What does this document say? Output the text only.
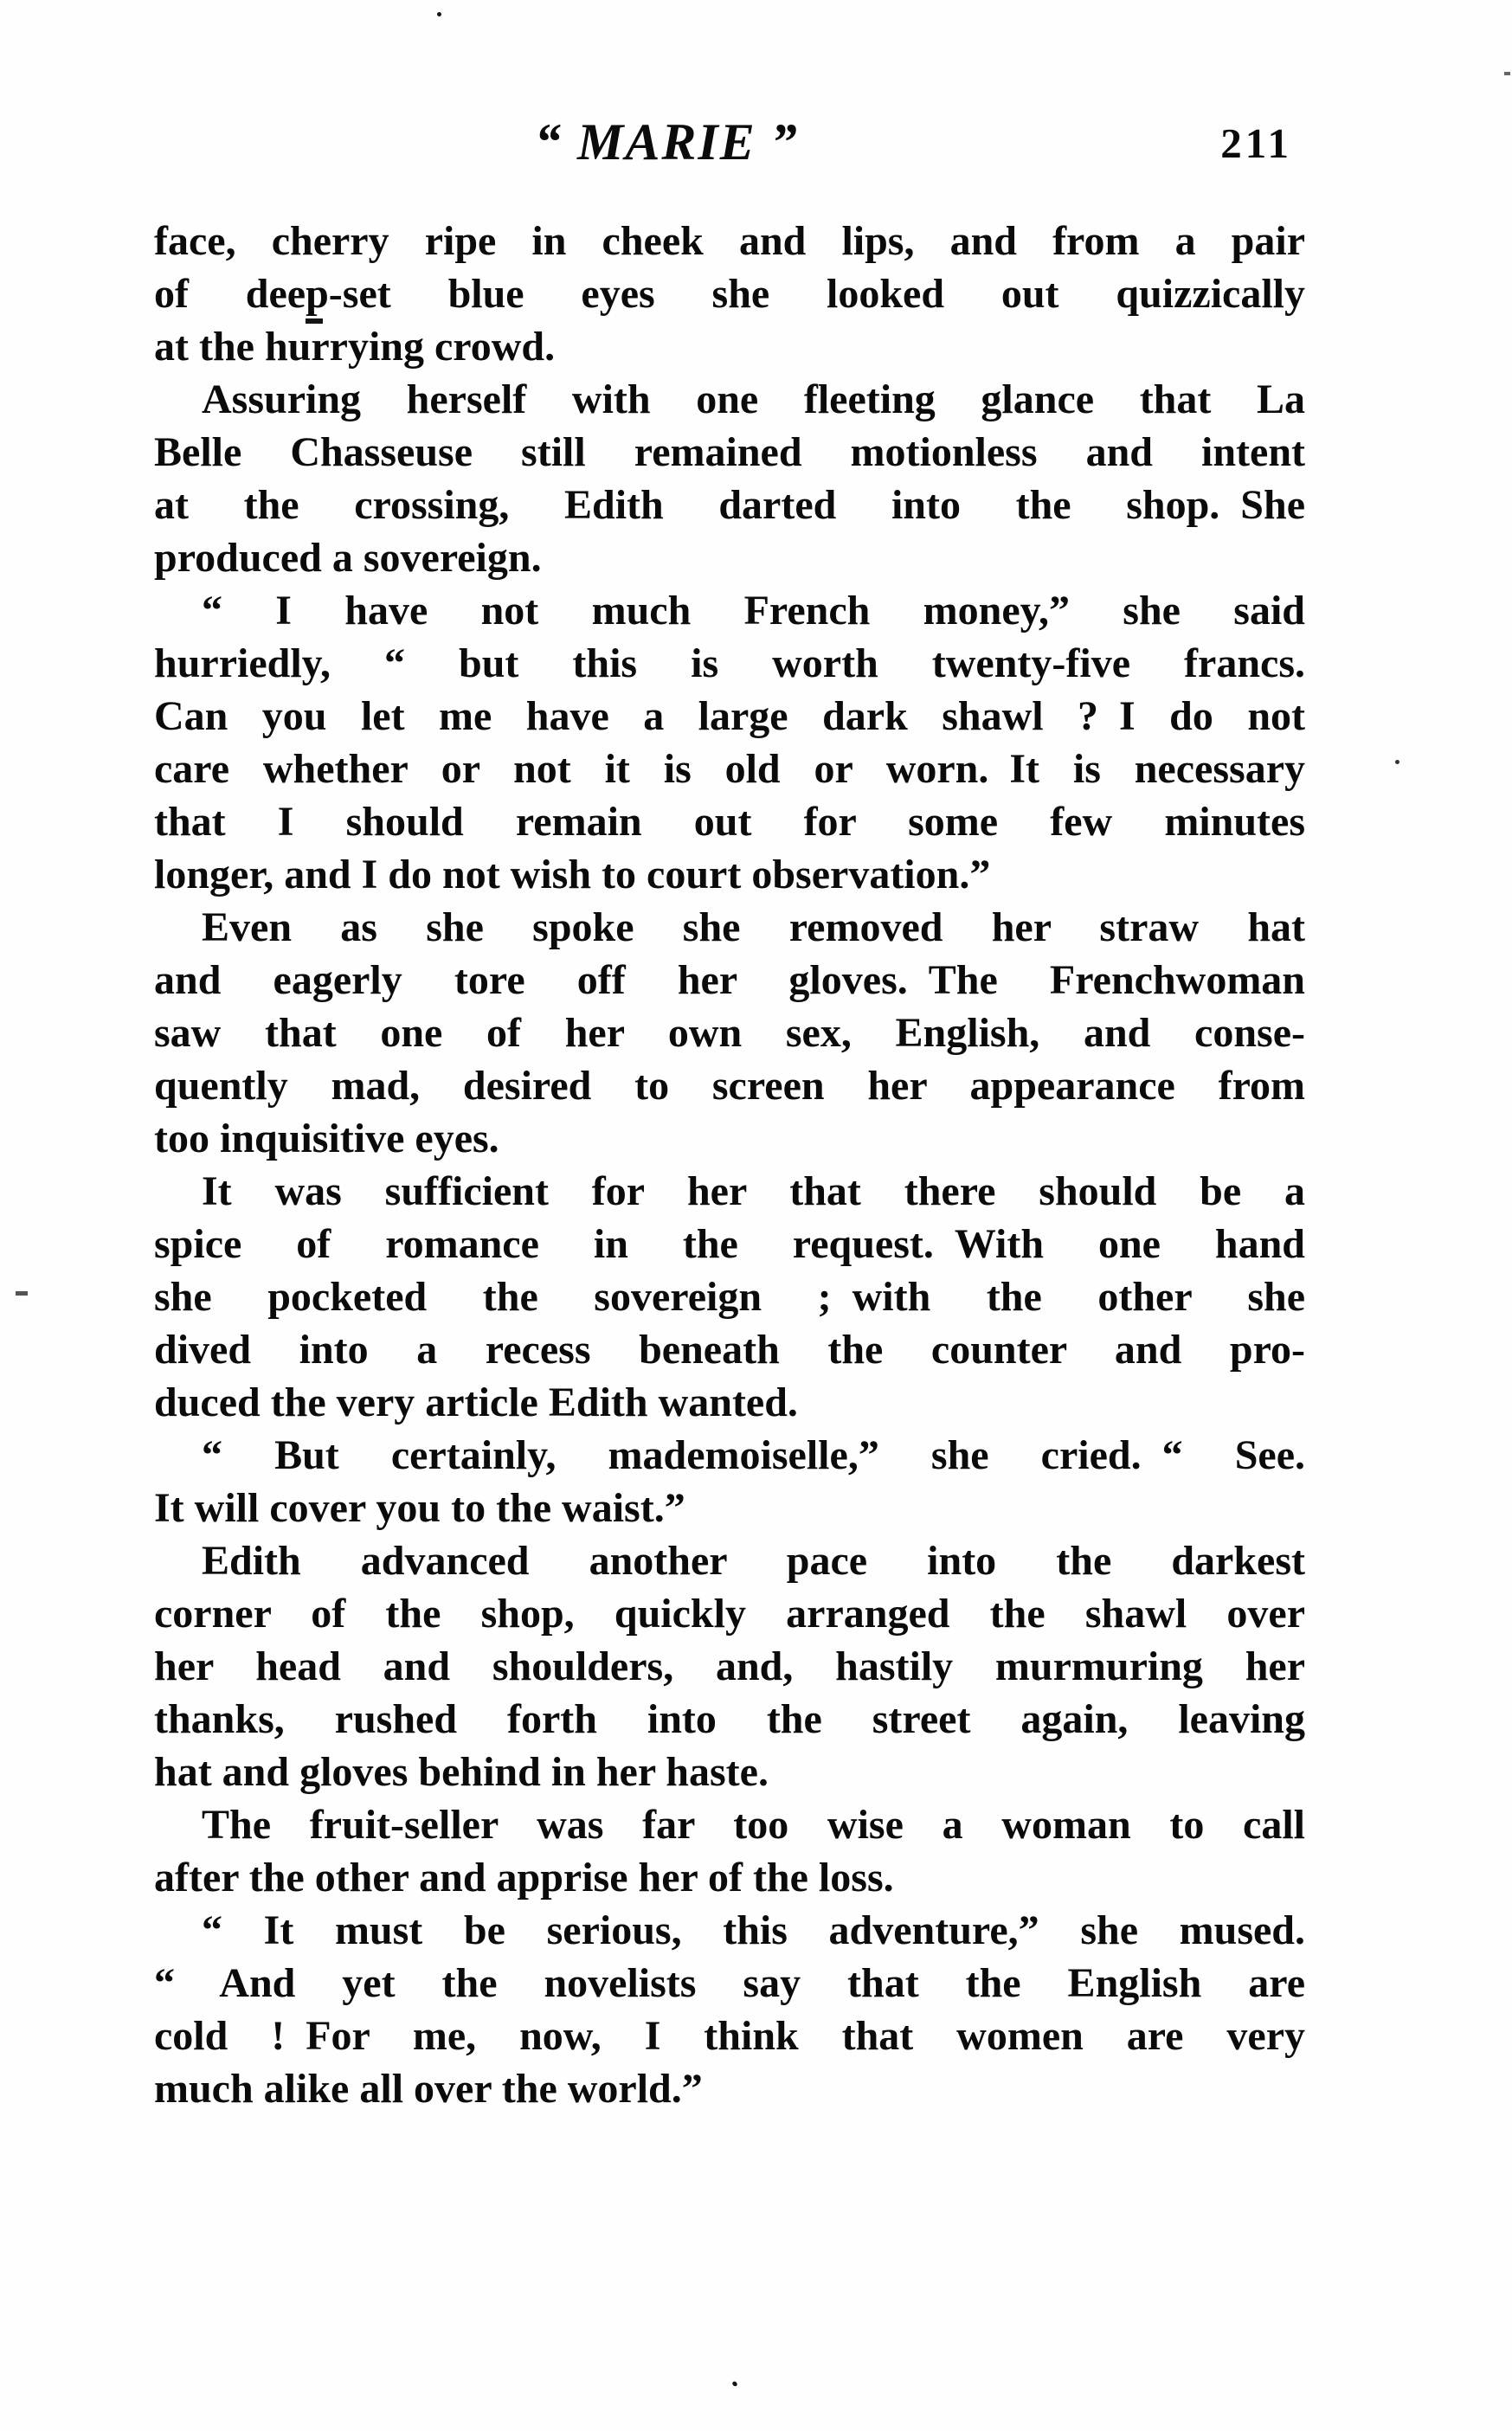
“ MARIE ”	211
face, cherry ripe in cheek and lips, and from a pair
of deep-set blue eyes she looked out quizzically
at the hurrying crowd.
Assuring herself with one fleeting glance that La
Belle Chasseuse still remained motionless and intent
at the crossing, Edith darted into the shop. She
produced a sovereign.
“ I have not much French money,” she said
hurriedly, “ but this is worth twenty-five francs.
Can you let me have a large dark shawl ? I do not
care whether or not it is old or worn. It is necessary
that I should remain out for some few minutes
longer, and I do not wish to court observation.”
Even as she spoke she removed her straw hat
and eagerly tore off her gloves. The Frenchwoman
saw that one of her own sex, English, and conse-
quently mad, desired to screen her appearance from
too inquisitive eyes.
It was sufficient for her that there should be a
spice of romance in the request. With one hand
she pocketed the sovereign ; with the other she
dived into a recess beneath the counter and pro-
duced the very article Edith wanted.
“ But certainly, mademoiselle,” she cried. “ See.
It will cover you to the waist.”
Edith advanced another pace into the darkest
corner of the shop, quickly arranged the shawl over
her head and shoulders, and, hastily murmuring her
thanks, rushed forth into the street again, leaving
hat and gloves behind in her haste.
The fruit-seller was far too wise a woman to call
after the other and apprise her of the loss.
“ It must be serious, this adventure,” she mused.
“ And yet the novelists say that the English are
cold ! For me, now, I think that women are very
much alike all over the world.”
